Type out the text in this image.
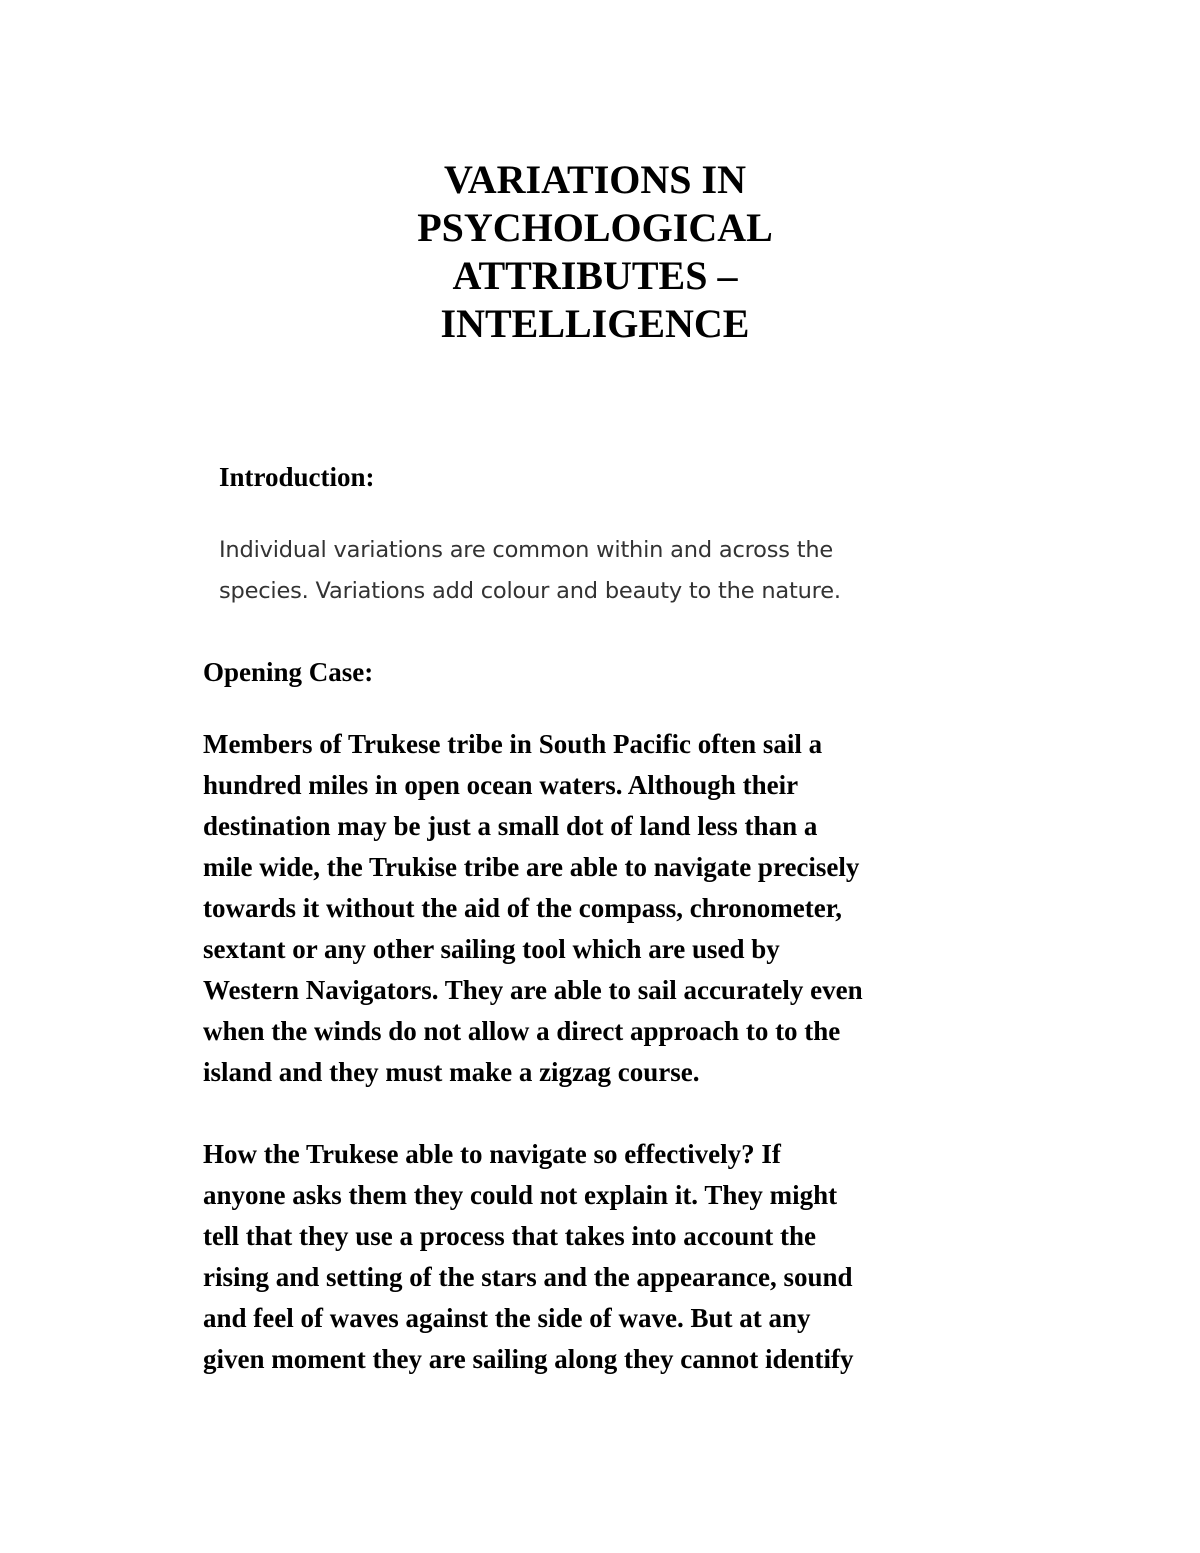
VARIATIONS IN
PSYCHOLOGICAL
ATTRIBUTES –
INTELLIGENCE
Introduction:
Individual variations are common within and across the
species. Variations add colour and beauty to the nature.
Opening Case:
Members of Trukese tribe in South Pacific often sail a
hundred miles in open ocean waters. Although their
destination may be just a small dot of land less than a
mile wide, the Trukise tribe are able to navigate precisely
towards it without the aid of the compass, chronometer,
sextant or any other sailing tool which are used by
Western Navigators. They are able to sail accurately even
when the winds do not allow a direct approach to to the
island and they must make a zigzag course.
How the Trukese able to navigate so effectively? If
anyone asks them they could not explain it. They might
tell that they use a process that takes into account the
rising and setting of the stars and the appearance, sound
and feel of waves against the side of wave. But at any
given moment they are sailing along they cannot identify
